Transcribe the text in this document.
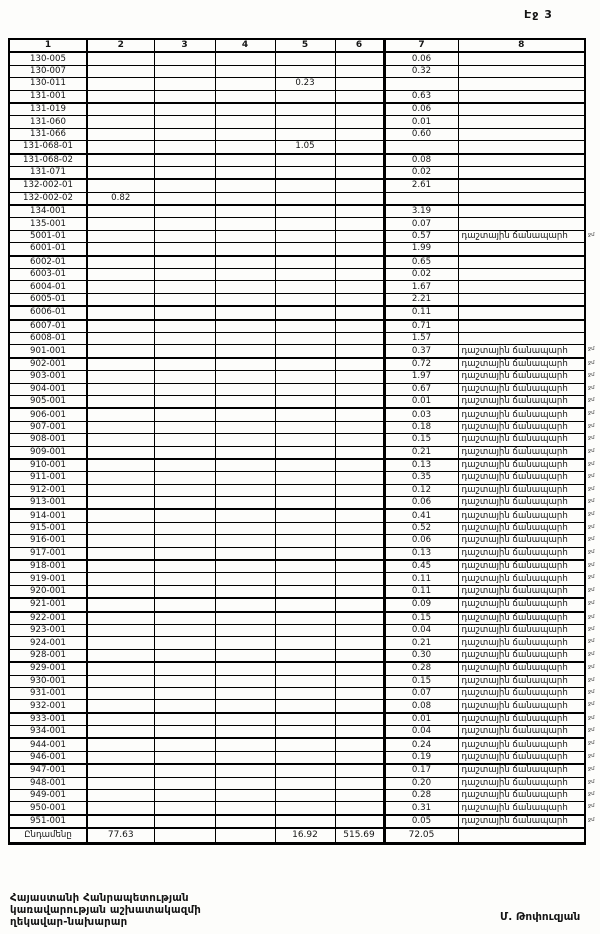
Էջ 3
1	2	3	4	5	6	7	8
130-005						0.06	
130-007						0.32	
130-011				0.23			
131-001						0.63	
131-019						0.06	
131-060						0.01	
131-066						0.60	
131-068-01				1.05			
131-068-02						0.08	
131-071						0.02	
132-002-01						2.61	
132-002-02	0.82						
134-001						3.19	
135-001						0.07	
5001-01						0.57	դաշտային ճանապարհ ջմ

6001-01						1.99	
6002-01						0.65	
6003-01						0.02	
6004-01						1.67	
6005-01						2.21	
6006-01						0.11	
6007-01						0.71	
6008-01						1.57	
901-001						0.37	դաշտային ճանապարհ ջմ

902-001						0.72	դաշտային ճանապարհ ջմ

903-001						1.97	դաշտային ճանապարհ ջմ

904-001						0.67	դաշտային ճանապարհ ջմ

905-001						0.01	դաշտային ճանապարհ ջմ

906-001						0.03	դաշտային ճանապարհ ջմ

907-001						0.18	դաշտային ճանապարհ ջմ

908-001						0.15	դաշտային ճանապարհ ջմ

909-001						0.21	դաշտային ճանապարհ ջմ

910-001						0.13	դաշտային ճանապարհ ջմ

911-001						0.35	դաշտային ճանապարհ ջմ

912-001						0.12	դաշտային ճանապարհ ջմ

913-001						0.06	դաշտային ճանապարհ ջմ

914-001						0.41	դաշտային ճանապարհ ջմ

915-001						0.52	դաշտային ճանապարհ ջմ

916-001						0.06	դաշտային ճանապարհ ջմ

917-001						0.13	դաշտային ճանապարհ ջմ

918-001						0.45	դաշտային ճանապարհ ջմ

919-001						0.11	դաշտային ճանապարհ ջմ

920-001						0.11	դաշտային ճանապարհ ջմ

921-001						0.09	դաշտային ճանապարհ ջմ

922-001						0.15	դաշտային ճանապարհ ջմ

923-001						0.04	դաշտային ճանապարհ ջմ

924-001						0.21	դաշտային ճանապարհ ջմ

928-001						0.30	դաշտային ճանապարհ ջմ

929-001						0.28	դաշտային ճանապարհ ջմ

930-001						0.15	դաշտային ճանապարհ ջմ

931-001						0.07	դաշտային ճանապարհ ջմ

932-001						0.08	դաշտային ճանապարհ ջմ

933-001						0.01	դաշտային ճանապարհ ջմ

934-001						0.04	դաշտային ճանապարհ ջմ

944-001						0.24	դաշտային ճանապարհ ջմ

946-001						0.19	դաշտային ճանապարհ ջմ

947-001						0.17	դաշտային ճանապարհ ջմ

948-001						0.20	դաշտային ճանապարհ ջմ

949-001						0.28	դաշտային ճանապարհ ջմ

950-001						0.31	դաշտային ճանապարհ ջմ

951-001						0.05	դաշտային ճանապարհ ջմ

Ընդամենը	77.63			16.92	515.69	72.05	
Հայաստանի Հանրապետության
կառավարության աշխատակազմի
ղեկավար-նախարար	Մ. Թոփուզյան
